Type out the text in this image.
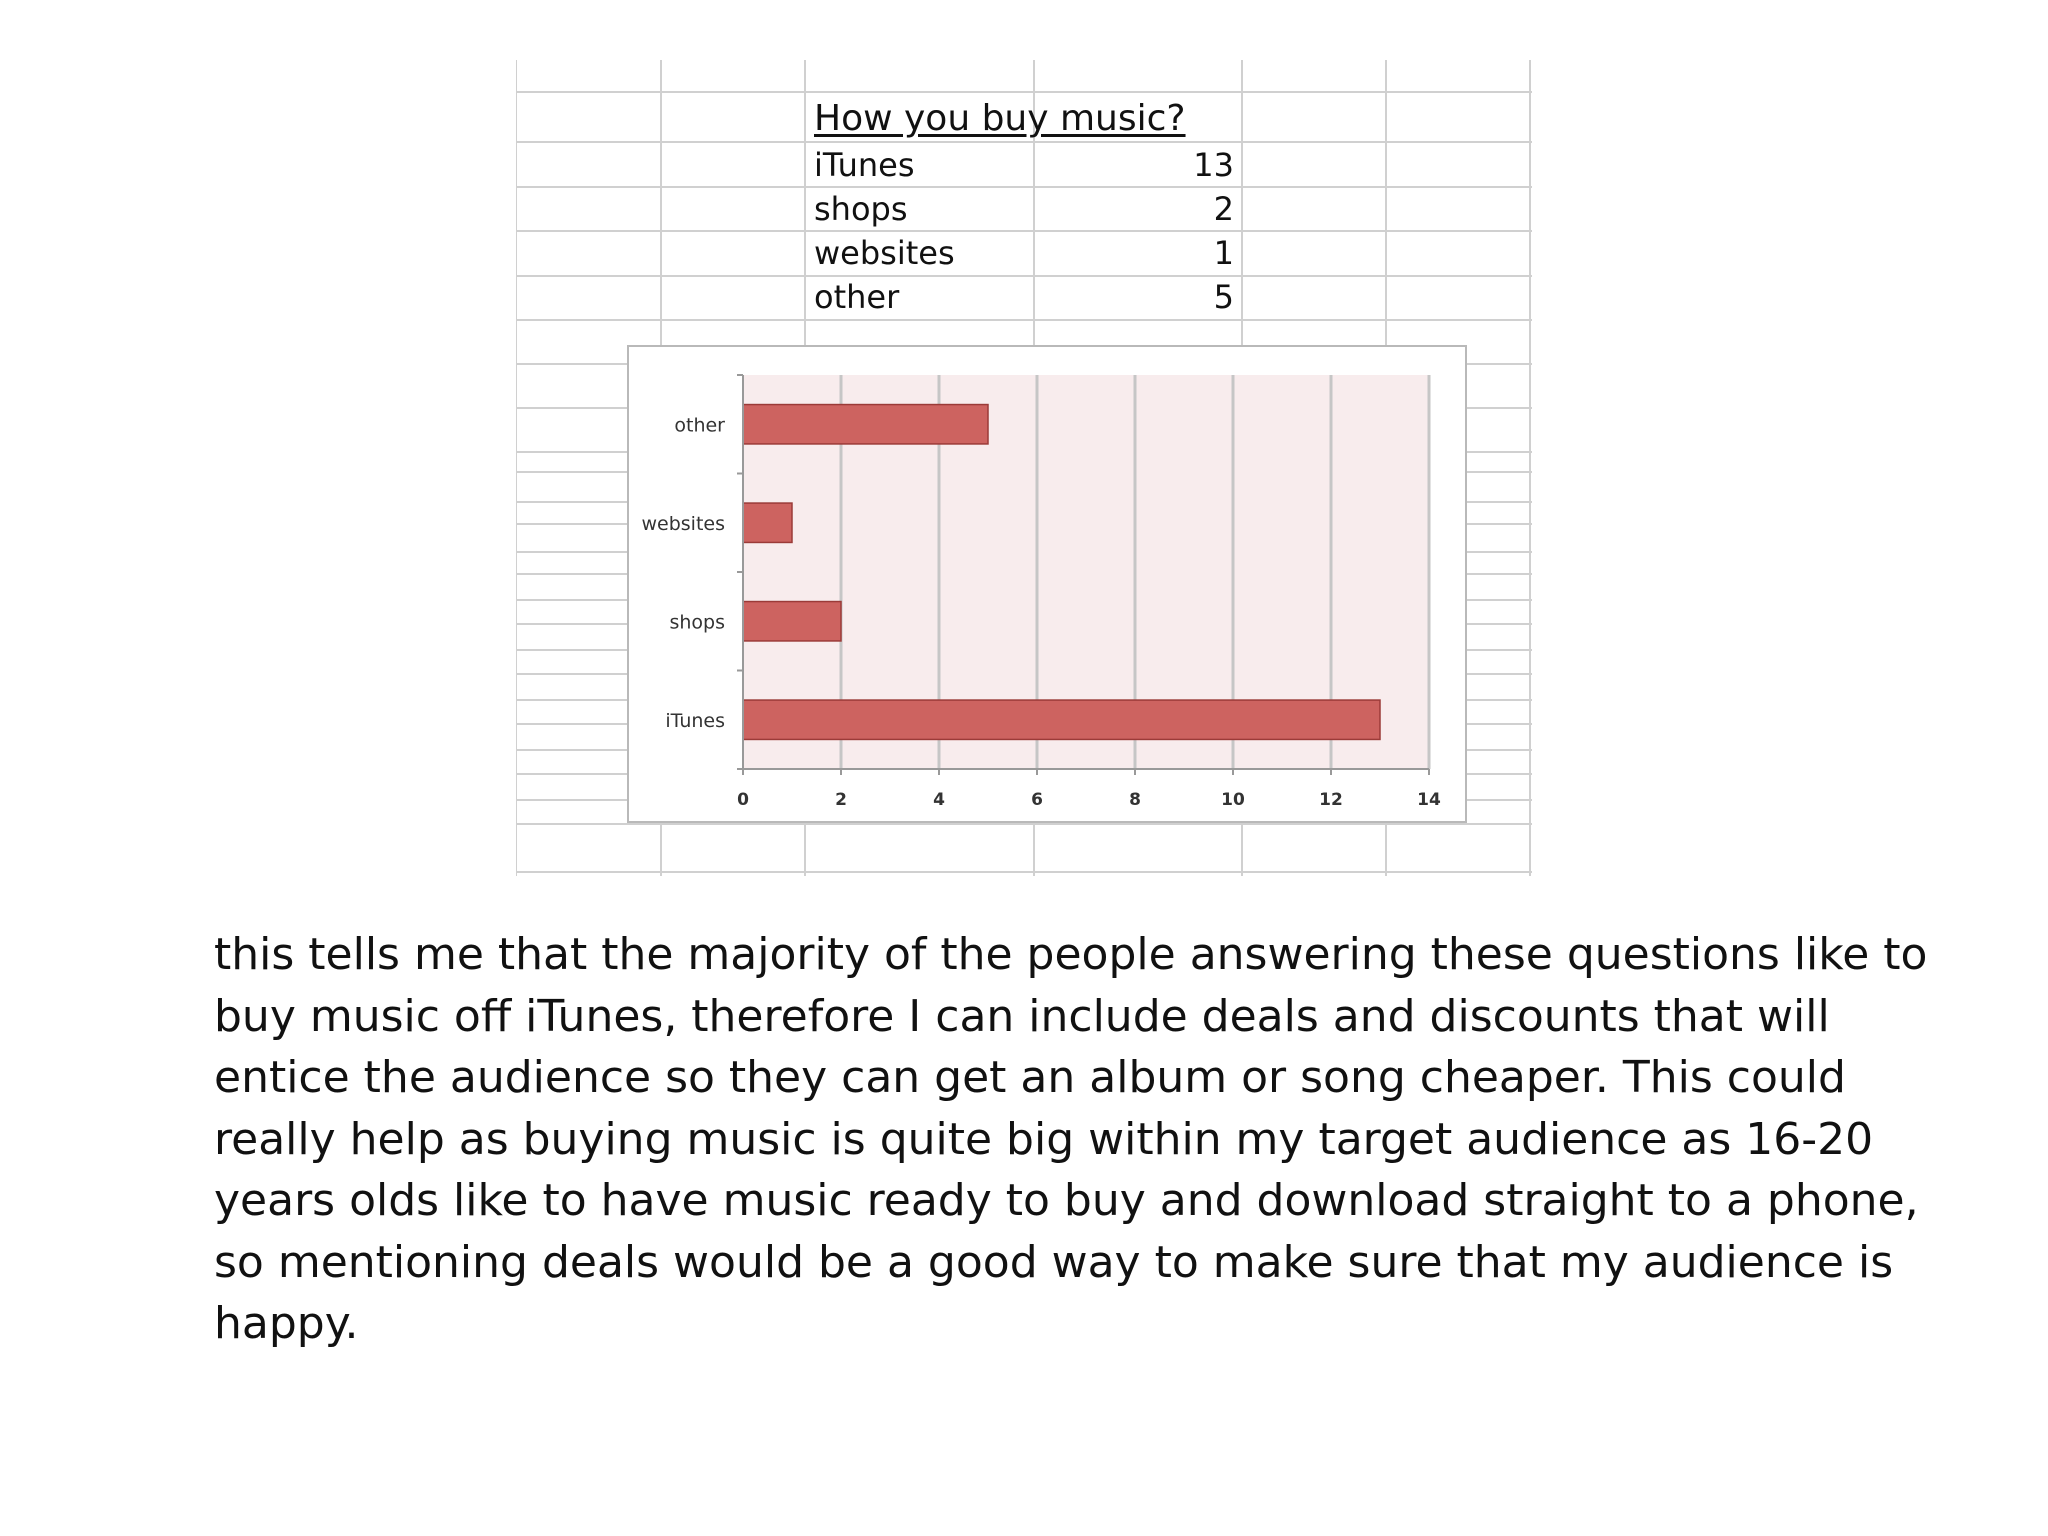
How you buy music?
iTunes	13
shops	2
websites	1
other	5
iTunes
shops
websites
other
0	2	4	6	8	10	12	14
this tells me that the majority of the people answering these questions like to
buy music off iTunes, therefore I can include deals and discounts that will
entice the audience so they can get an album or song cheaper. This could
really help as buying music is quite big within my target audience as 16-20
years olds like to have music ready to buy and download straight to a phone,
so mentioning deals would be a good way to make sure that my audience is
happy.
